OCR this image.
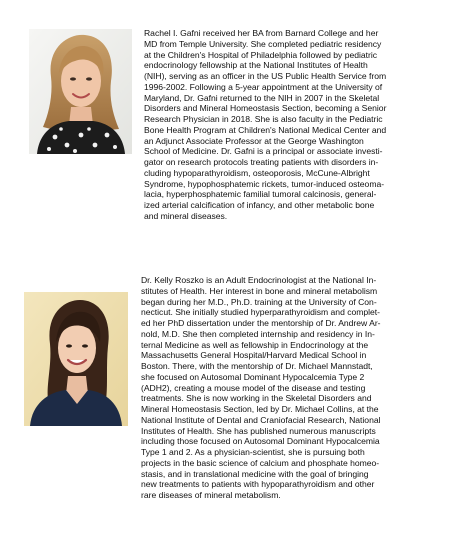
Rachel I. Gafni received her BA from Barnard College and her
MD from Temple University. She completed pediatric residency
at the Children's Hospital of Philadelphia followed by pediatric
endocrinology fellowship at the National Institutes of Health
(NIH), serving as an officer in the US Public Health Service from
1996-2002. Following a 5-year appointment at the University of
Maryland, Dr. Gafni returned to the NIH in 2007 in the Skeletal
Disorders and Mineral Homeostasis Section, becoming a Senior
Research Physician in 2018. She is also faculty in the Pediatric
Bone Health Program at Children's National Medical Center and
an Adjunct Associate Professor at the George Washington
School of Medicine. Dr. Gafni is a principal or associate investi-
gator on research protocols treating patients with disorders in-
cluding hypoparathyroidism, osteoporosis, McCune-Albright
Syndrome, hypophosphatemic rickets, tumor-induced osteoma-
lacia, hyperphosphatemic familial tumoral calcinosis, general-
ized arterial calcification of infancy, and other metabolic bone
and mineral diseases.

Dr. Kelly Roszko is an Adult Endocrinologist at the National In-
stitutes of Health. Her interest in bone and mineral metabolism
began during her M.D., Ph.D. training at the University of Con-
necticut. She initially studied hyperparathyroidism and complet-
ed her PhD dissertation under the mentorship of Dr. Andrew Ar-
nold, M.D. She then completed internship and residency in In-
ternal Medicine as well as fellowship in Endocrinology at the
Massachusetts General Hospital/Harvard Medical School in
Boston. There, with the mentorship of Dr. Michael Mannstadt,
she focused on Autosomal Dominant Hypocalcemia Type 2
(ADH2), creating a mouse model of the disease and testing
treatments. She is now working in the Skeletal Disorders and
Mineral Homeostasis Section, led by Dr. Michael Collins, at the
National Institute of Dental and Craniofacial Research, National
Institutes of Health. She has published numerous manuscripts
including those focused on Autosomal Dominant Hypocalcemia
Type 1 and 2. As a physician-scientist, she is pursuing both
projects in the basic science of calcium and phosphate homeo-
stasis, and in translational medicine with the goal of bringing
new treatments to patients with hypoparathyroidism and other
rare diseases of mineral metabolism.
